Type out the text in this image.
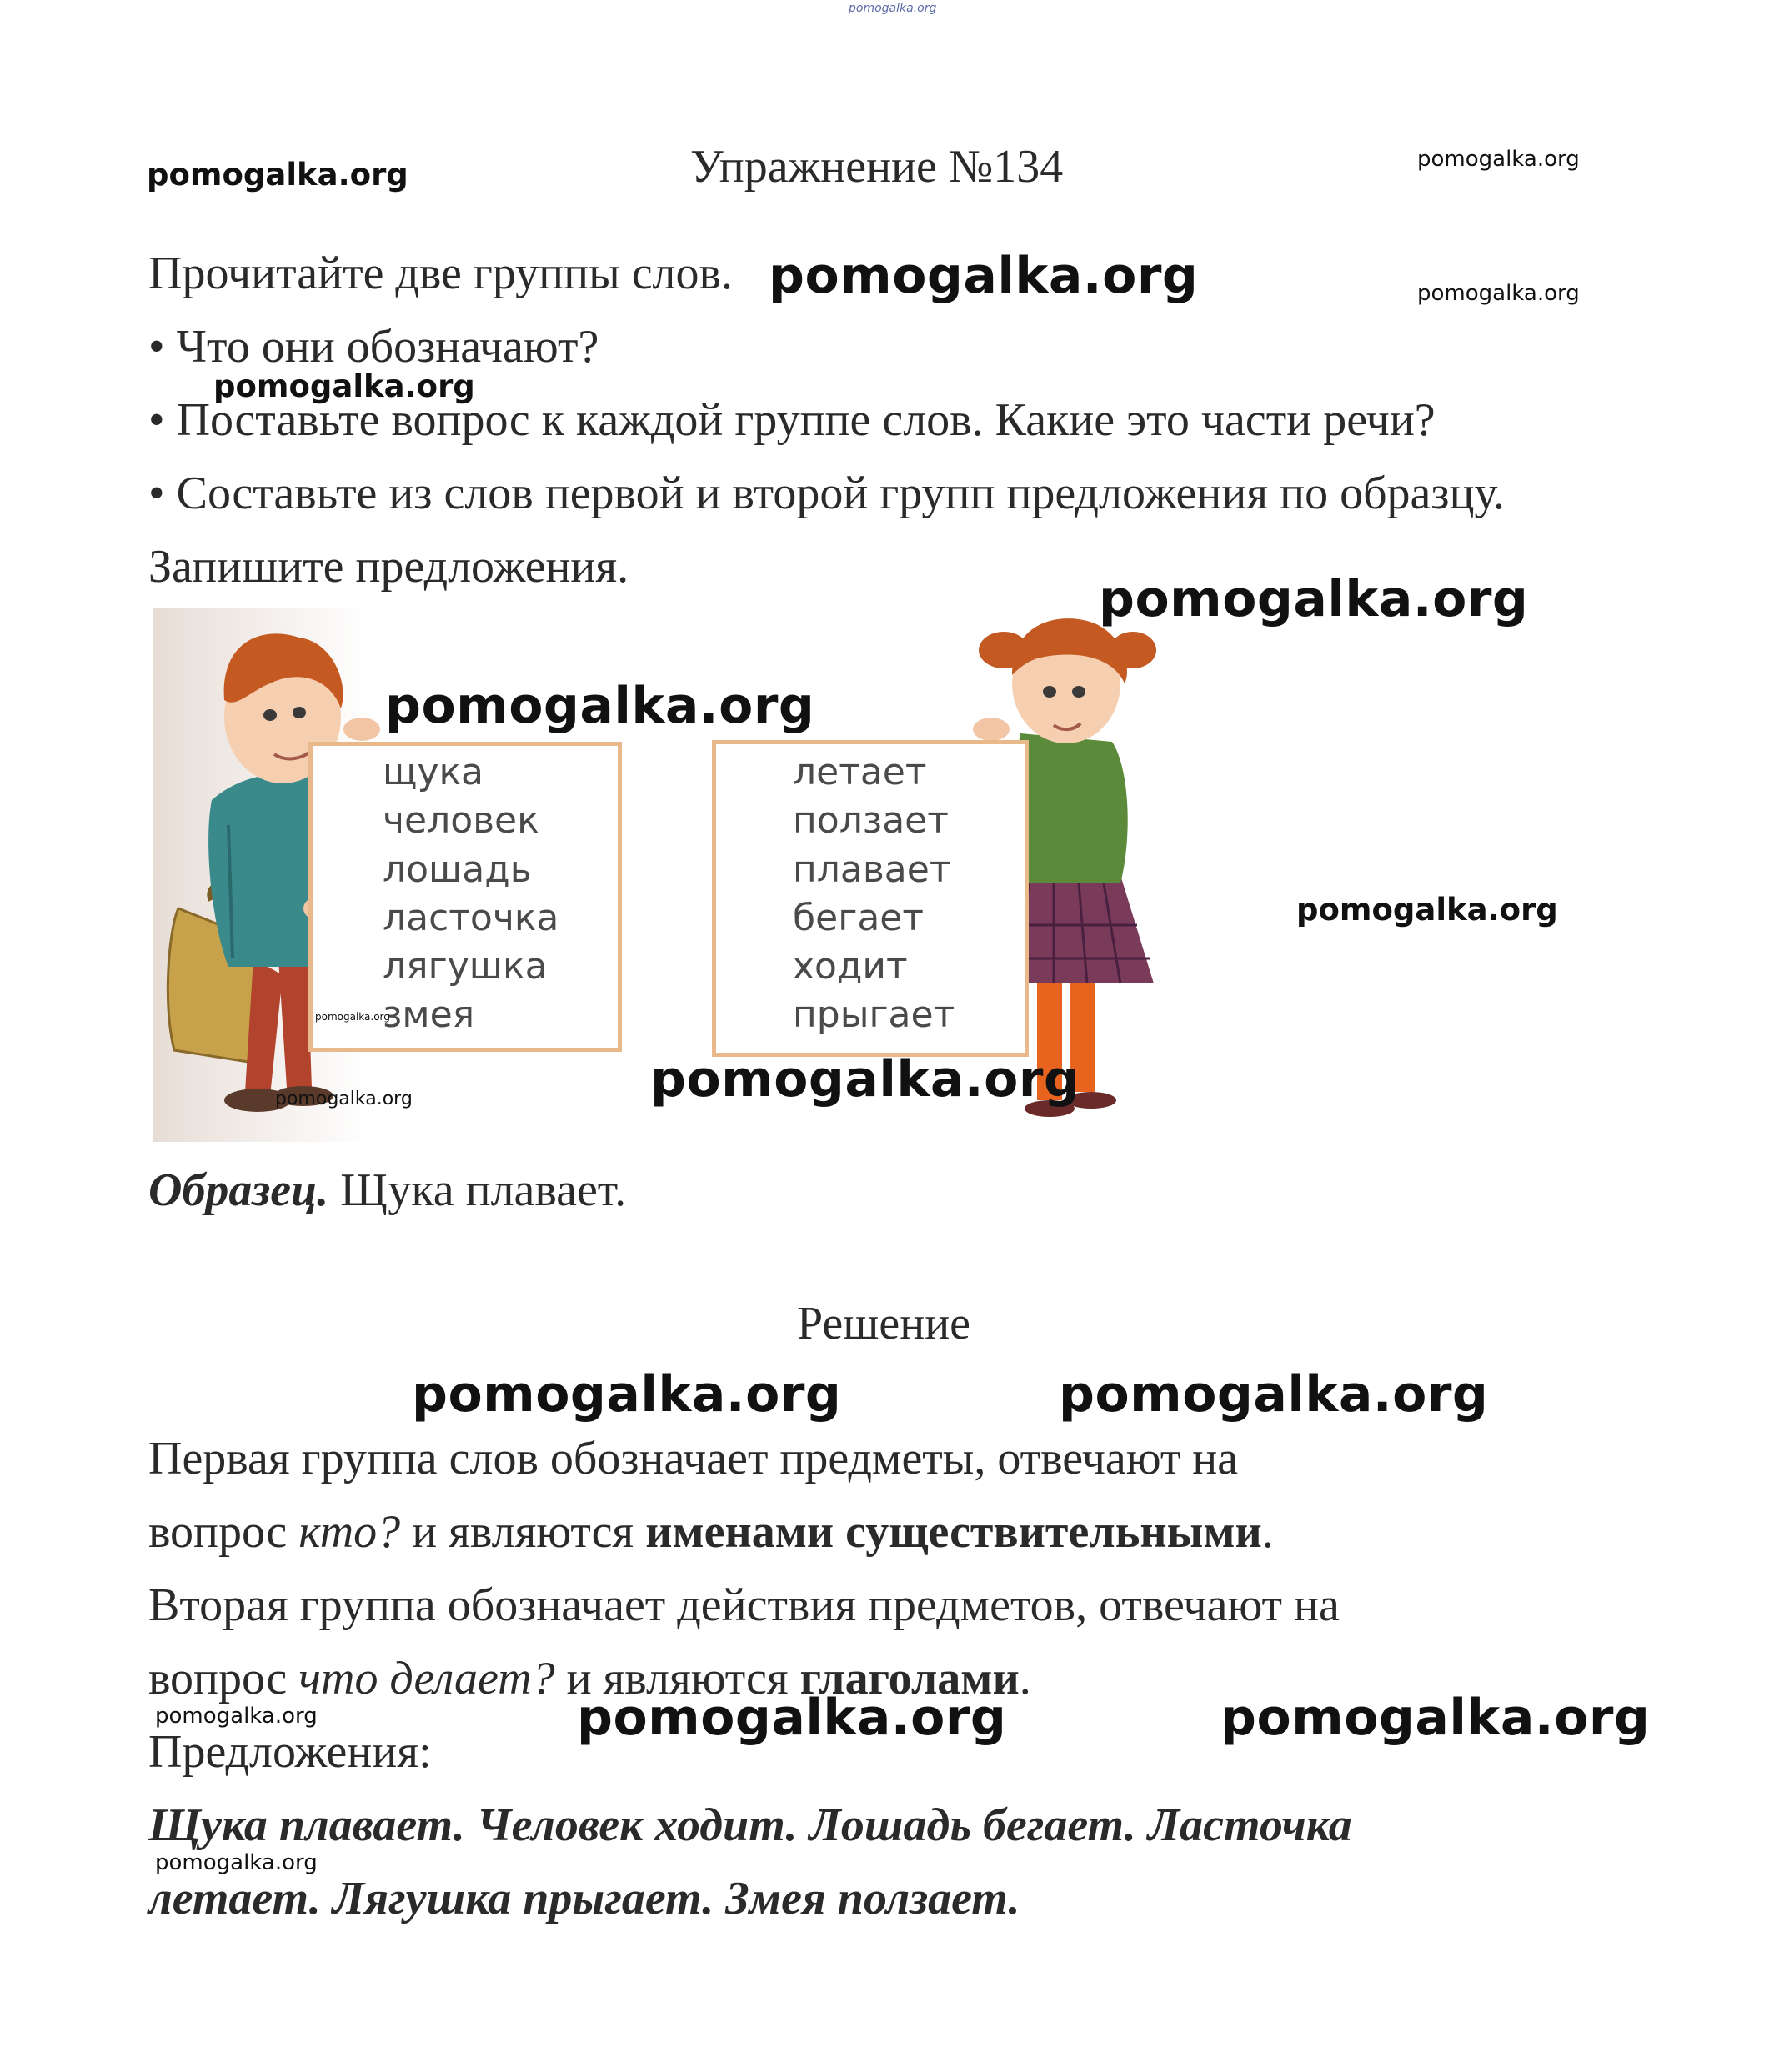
pomogalka.org
pomogalka.org	Упражнение №134	pomogalka.org
Прочитайте две группы слов. pomogalka.org	pomogalka.org
• Что они обозначают?
• Поставьте вопрос к каждой группе слов. Какие это части речи?
pomogalka.org
• Составьте из слов первой и второй групп предложения по образцу.
Запишите предложения.
щука
человек
лошадь
ласточка
лягушка
змея
летает
ползает
плавает
бегает
ходит
прыгает
pomogalka.org
pomogalka.org
pomogalka.org
pomogalka.org
pomogalka.org	pomogalka.org
Образец. Щука плавает.
Решение
pomogalka.org	pomogalka.org
Первая группа слов обозначает предметы, отвечают на
вопрос кто? и являются именами существительными.
Вторая группа обозначает действия предметов, отвечают на
вопрос что делает? и являются глаголами.
pomogalka.org	pomogalka.org	pomogalka.org
Предложения:
Щука плавает. Человек ходит. Лошадь бегает. Ласточка
pomogalka.org
летает. Лягушка прыгает. Змея ползает.
